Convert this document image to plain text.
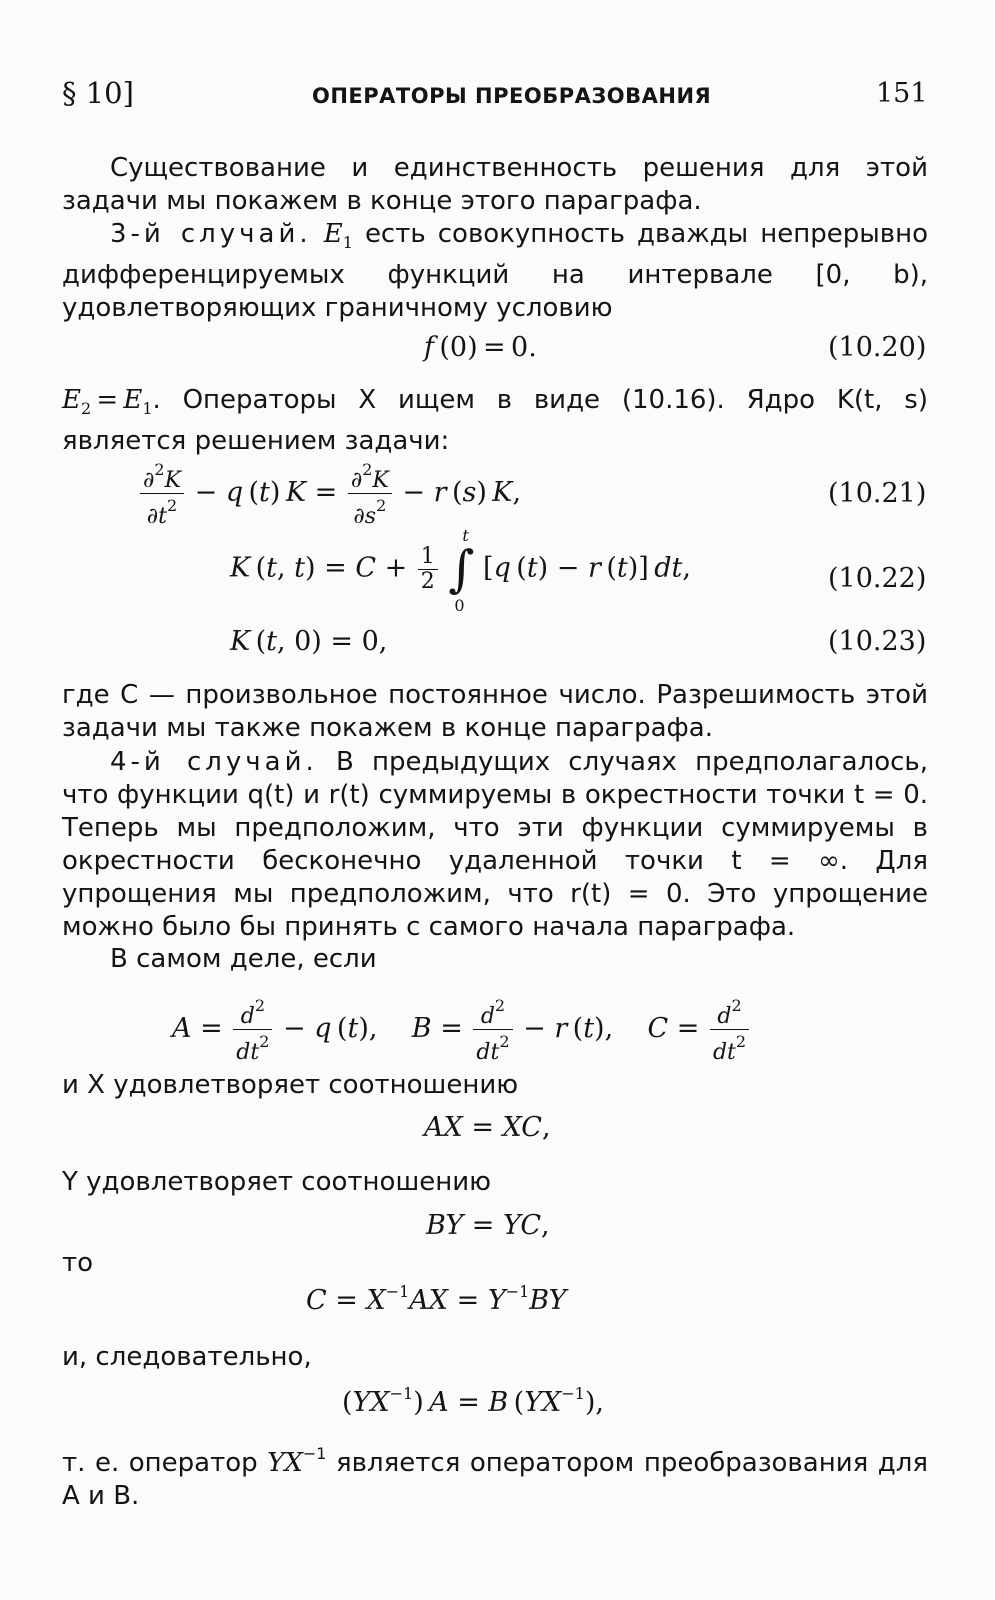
§ 10]	ОПЕРАТОРЫ ПРЕОБРАЗОВАНИЯ	151
Существование и единственность решения для этой задачи мы покажем в конце этого параграфа.
3-й случай. $E_1$ есть совокупность дважды непрерывно дифференцируемых функций на интервале [0, b), удовлетворяющих граничному условию
f (0) = 0.	(10.20)
$E_2 = E_1$. Операторы X ищем в виде (10.16). Ядро K(t, s) является решением задачи:
$\frac{\partial^2K}{\partial t^2} - q$ (t) $K = \frac{\partial^2K}{\partial s^2} - r$ (s) K,	(10.21)
K (t, $t) = C + \frac{1}{2}$ ∫
t
0
[q (t) − r (t)] dt,	(10.22)
K (t, 0) = 0,	(10.23)
где C — произвольное постоянное число. Разрешимость этой задачи мы также покажем в конце параграфа.
4-й случай. В предыдущих случаях предполагалось, что функции q(t) и r(t) суммируемы в окрестности точки t = 0. Теперь мы предположим, что эти функции суммируемы в окрестности бесконечно удаленной точки t = ∞. Для упрощения мы предположим, что r(t) = 0. Это упрощение можно было бы принять с самого начала параграфа.
В самом деле, если
$A = \frac{d^2}{dt^2} - q$ (t),    $B = \frac{d^2}{dt^2} - r$ (t),    $C = \frac{d^2}{dt^2}$
и X удовлетворяет соотношению
AX = XC,
Y удовлетворяет соотношению
BY = YC,
то
$C = X^{-1}AX = Y^{-1}BY$
и, следовательно,
$(YX^{-1}) A = B$ $(YX^{-1})$,
т. е. оператор $YX^{-1}$ является оператором преобразования для A и B.
